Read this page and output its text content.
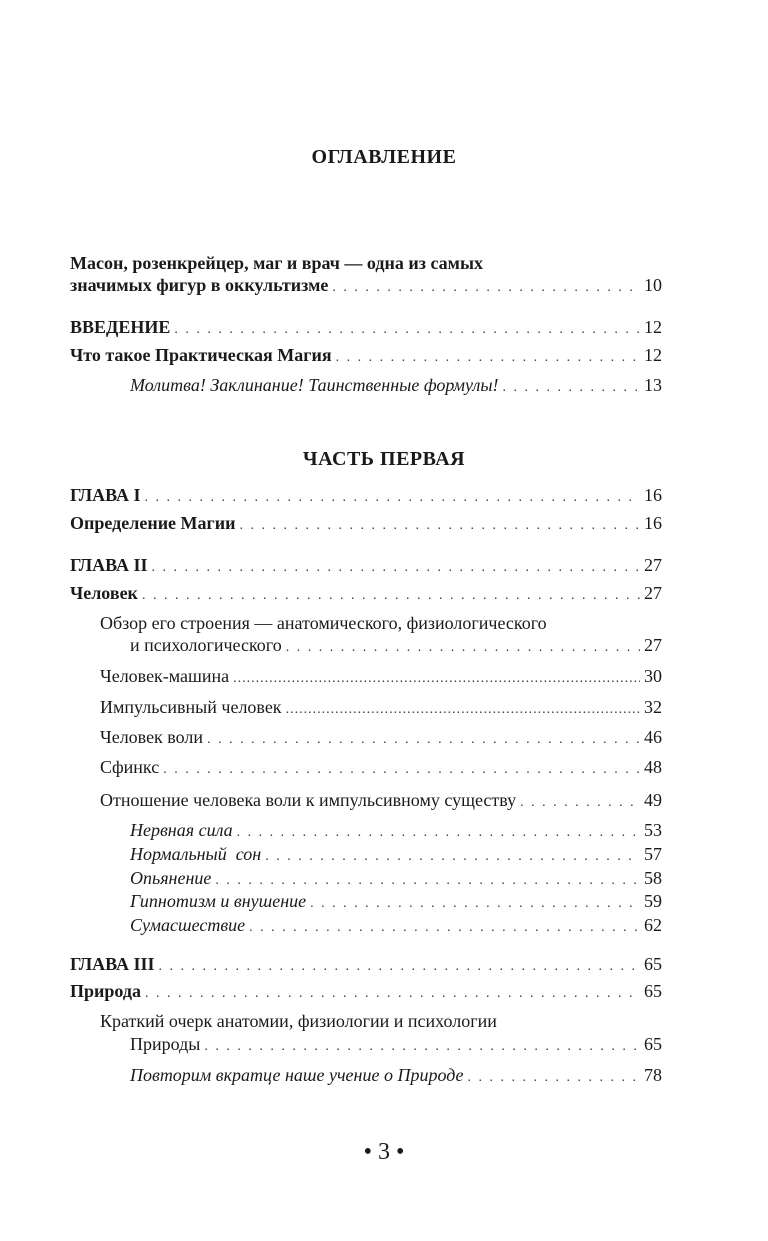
ОГЛАВЛЕНИЕ
Масон, розенкрейцер, маг и врач — одна из самых
значимых фигур в оккультизме . . .	10
ВВЕДЕНИЕ . . .	12
Что такое Практическая Магия . . .	12
Молитва! Заклинание! Таинственные формулы! . . .	13
ЧАСТЬ ПЕРВАЯ
ГЛАВА I . . .	16
Определение Магии . . .	16
ГЛАВА II . . .	27
Человек . . .	27
Обзор его строения — анатомического, физиологического
и психологического . . .	27
Человек-машина .....	30
Импульсивный человек .....	32
Человек воли . . .	46
Сфинкс . . .	48
Отношение человека воли к импульсивному существу . . .	49
Нервная сила . . .	53
Нормальный  сон . . .	57
Опьянение . . .	58
Гипнотизм и внушение . . .	59
Сумасшествие . . .	62
ГЛАВА III . . .	65
Природа . . .	65
Краткий очерк анатомии, физиологии и психологии
Природы . . .	65
Повторим вкратце наше учение о Природе . . .	78
• 3 •
